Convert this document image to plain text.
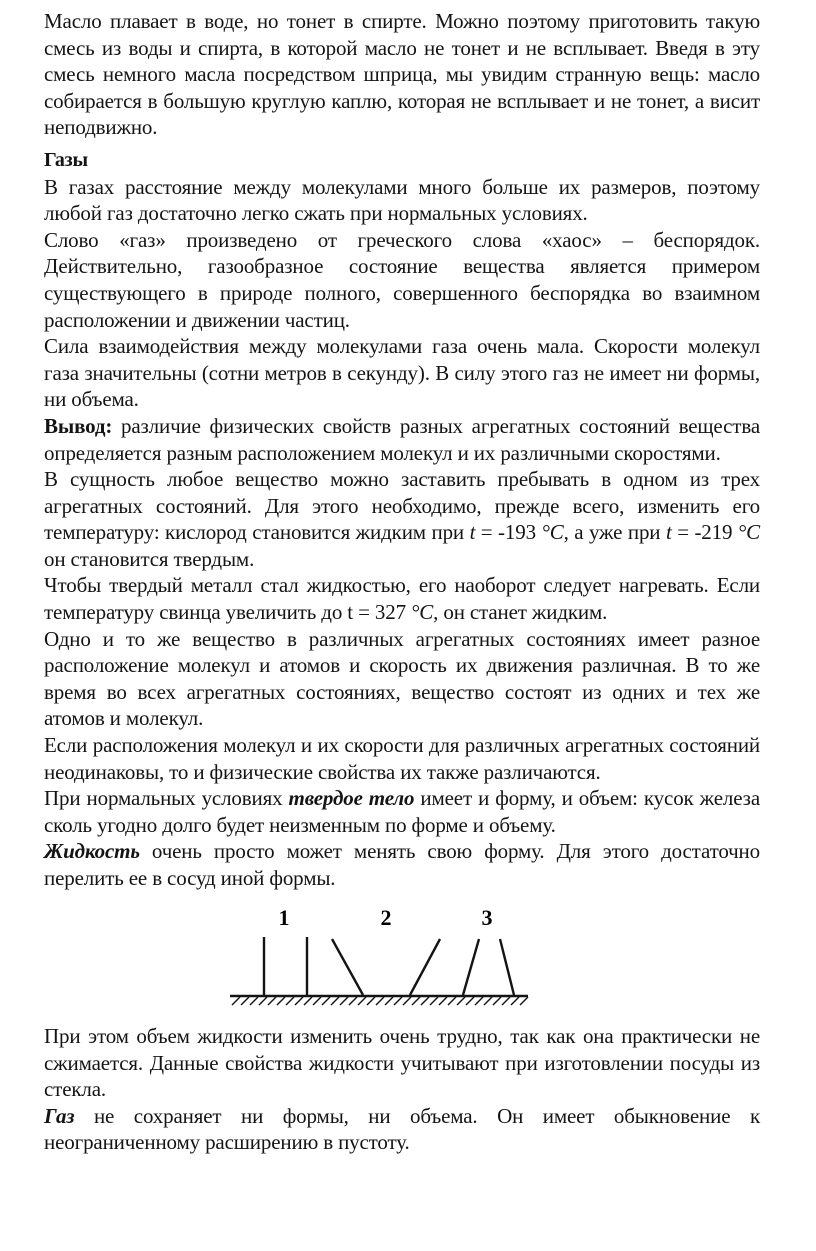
Масло плавает в воде, но тонет в спирте. Можно поэтому приготовить такую смесь из воды и спирта, в которой масло не тонет и не всплывает. Введя в эту смесь немного масла посредством шприца, мы увидим странную вещь: масло собирается в большую круглую каплю, которая не всплывает и не тонет, а висит неподвижно.

Газы

В газах расстояние между молекулами много больше их размеров, поэтому любой газ достаточно легко сжать при нормальных условиях.

Слово «газ» произведено от греческого слова «хаос» – беспорядок. Действительно, газообразное состояние вещества является примером существующего в природе полного, совершенного беспорядка во взаимном расположении и движении частиц.

Сила взаимодействия между молекулами газа очень мала. Скорости молекул газа значительны (сотни метров в секунду). В силу этого газ не имеет ни формы, ни объема.

Вывод: различие физических свойств разных агрегатных состояний вещества определяется разным расположением молекул и их различными скоростями.

В сущность любое вещество можно заставить пребывать в одном из трех агрегатных состояний. Для этого необходимо, прежде всего, изменить его температуру: кислород становится жидким при t = -193 °C, а уже при t = -219 °C он становится твердым.

Чтобы твердый металл стал жидкостью, его наоборот следует нагревать. Если температуру свинца увеличить до t = 327 °C, он станет жидким.

Одно и то же вещество в различных агрегатных состояниях имеет разное расположение молекул и атомов и скорость их движения различная. В то же время во всех агрегатных состояниях, вещество состоят из одних и тех же атомов и молекул.

Если расположения молекул и их скорости для различных агрегатных состояний неодинаковы, то и физические свойства их также различаются.

При нормальных условиях твердое тело имеет и форму, и объем: кусок железа сколь угодно долго будет неизменным по форме и объему.

Жидкость очень просто может менять свою форму. Для этого достаточно перелить ее в сосуд иной формы.

1	2	3

При этом объем жидкости изменить очень трудно, так как она практически не сжимается. Данные свойства жидкости учитывают при изготовлении посуды из стекла.

Газ не сохраняет ни формы, ни объема. Он имеет обыкновение к неограниченному расширению в пустоту.
